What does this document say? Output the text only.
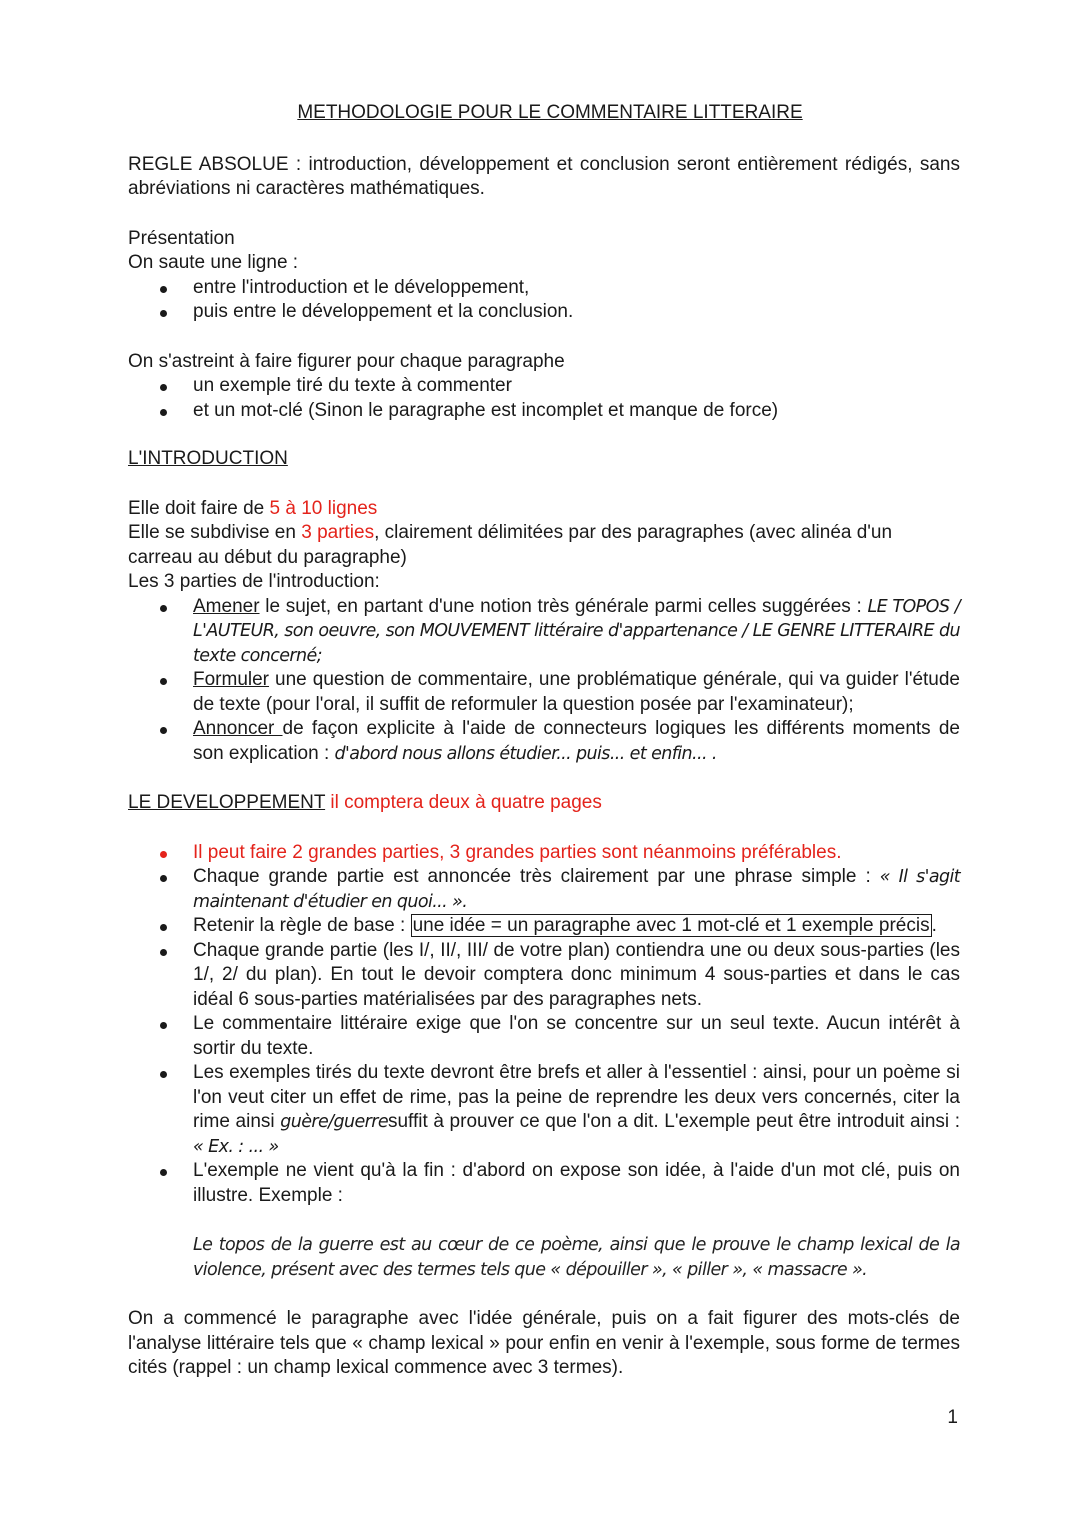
METHODOLOGIE POUR LE COMMENTAIRE LITTERAIRE

REGLE ABSOLUE : introduction, développement et conclusion seront entièrement rédigés, sans abréviations ni caractères mathématiques.

Présentation

On saute une ligne :

entre l'introduction et le développement,
puis entre le développement et la conclusion.

On s'astreint à faire figurer pour chaque paragraphe

un exemple tiré du texte à commenter
et un mot-clé (Sinon le paragraphe est incomplet et manque de force)

L'INTRODUCTION

Elle doit faire de 5 à 10 lignes

Elle se subdivise en 3 parties, clairement délimitées par des paragraphes (avec alinéa d'un carreau au début du paragraphe)

Les 3 parties de l'introduction:

Amener le sujet, en partant d'une notion très générale parmi celles suggérées : LE TOPOS / L'AUTEUR, son oeuvre, son MOUVEMENT littéraire d'appartenance / LE GENRE LITTERAIRE du texte concerné;
Formuler une question de commentaire, une problématique générale, qui va guider l'étude de texte (pour l'oral, il suffit de reformuler la question posée par l'examinateur);
Annoncer de façon explicite à l'aide de connecteurs logiques les différents moments de son explication : d'abord nous allons étudier... puis... et enfin... .

LE DEVELOPPEMENT il comptera deux à quatre pages

Il peut faire 2 grandes parties, 3 grandes parties sont néanmoins préférables.
Chaque grande partie est annoncée très clairement par une phrase simple : « Il s'agit maintenant d'étudier en quoi... ».
Retenir la règle de base : une idée = un paragraphe avec 1 mot-clé et 1 exemple précis .
Chaque grande partie (les I/, II/, III/ de votre plan) contiendra une ou deux sous-parties (les 1/, 2/ du plan). En tout le devoir comptera donc minimum 4 sous-parties et dans le cas idéal 6 sous-parties matérialisées par des paragraphes nets.
Le commentaire littéraire exige que l'on se concentre sur un seul texte. Aucun intérêt à sortir du texte.
Les exemples tirés du texte devront être brefs et aller à l'essentiel : ainsi, pour un poème si l'on veut citer un effet de rime, pas la peine de reprendre les deux vers concernés, citer la rime ainsi guère/guerresuffit à prouver ce que l'on a dit. L'exemple peut être introduit ainsi : « Ex. : ... »
L'exemple ne vient qu'à la fin : d'abord on expose son idée, à l'aide d'un mot clé, puis on illustre. Exemple :

Le topos de la guerre est au cœur de ce poème, ainsi que le prouve le champ lexical de la violence, présent avec des termes tels que « dépouiller », « piller », « massacre ».

On a commencé le paragraphe avec l'idée générale, puis on a fait figurer des mots-clés de l'analyse littéraire tels que « champ lexical » pour enfin en venir à l'exemple, sous forme de termes cités (rappel : un champ lexical commence avec 3 termes).

1
